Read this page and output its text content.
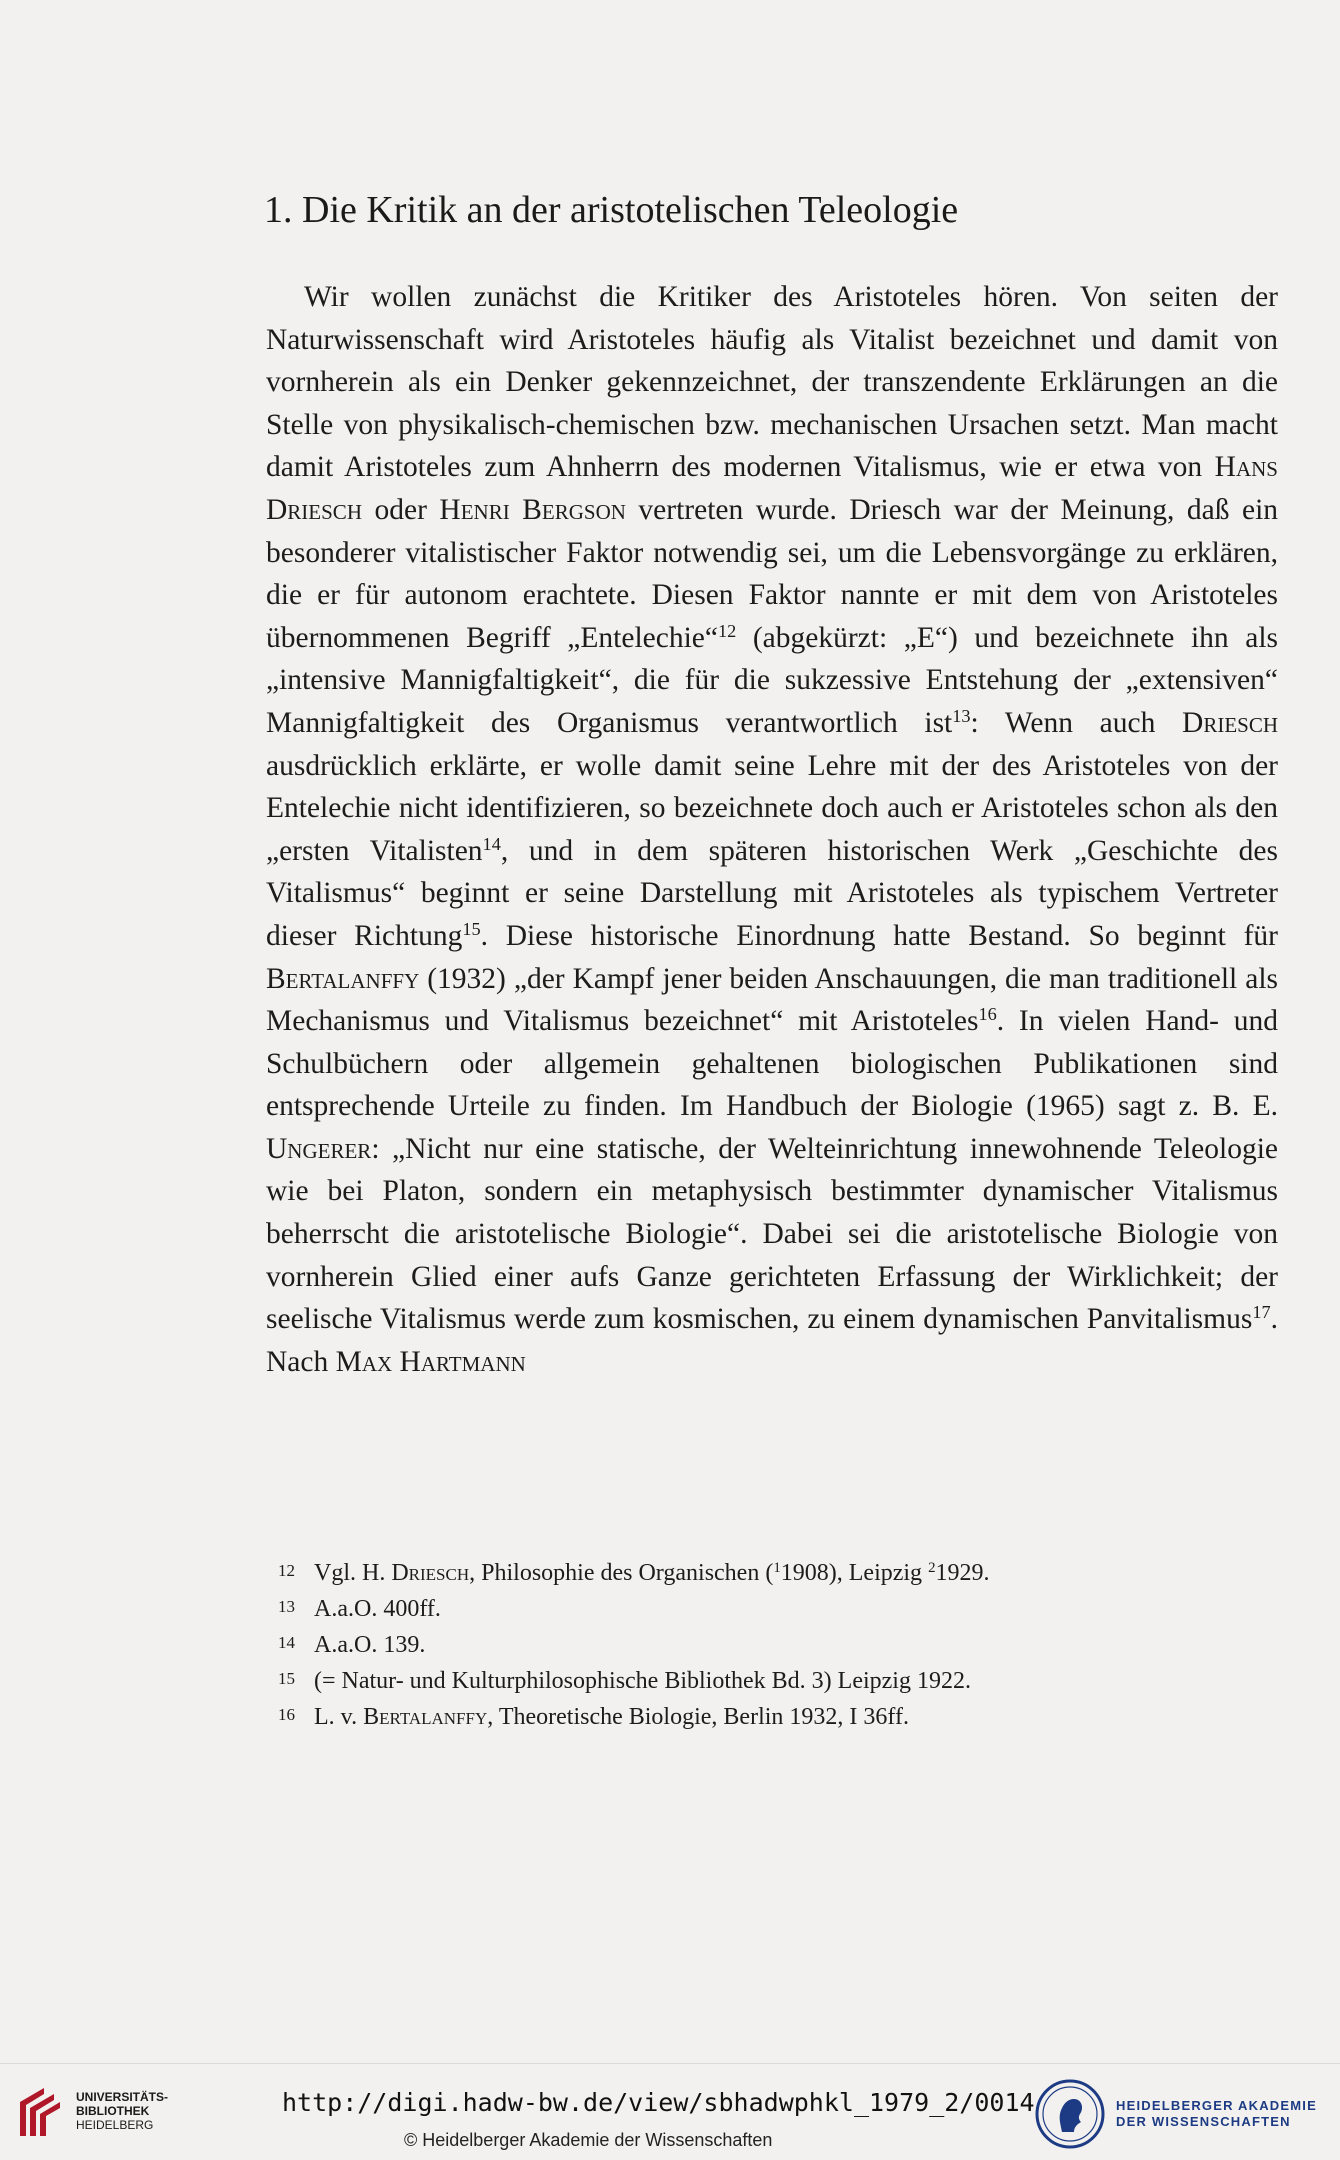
1. Die Kritik an der aristotelischen Teleologie

Wir wollen zunächst die Kritiker des Aristoteles hören. Von seiten der Naturwissenschaft wird Aristoteles häufig als Vitalist bezeichnet und damit von vornherein als ein Denker gekennzeichnet, der transzendente Erklärungen an die Stelle von physikalisch-chemischen bzw. mechanischen Ursachen setzt. Man macht damit Aristoteles zum Ahnherrn des modernen Vitalismus, wie er etwa von Hans Driesch oder Henri Bergson vertreten wurde. Driesch war der Meinung, daß ein besonderer vitalistischer Faktor notwendig sei, um die Lebensvorgänge zu erklären, die er für autonom erachtete. Diesen Faktor nannte er mit dem von Aristoteles übernommenen Begriff „Entelechie“$^{12}$ (abgekürzt: „E“) und bezeichnete ihn als „intensive Mannigfaltigkeit“, die für die sukzessive Entstehung der „extensiven“ Mannigfaltigkeit des Organismus verantwortlich ist$^{13}$: Wenn auch Driesch ausdrücklich erklärte, er wolle damit seine Lehre mit der des Aristoteles von der Entelechie nicht identifizieren, so bezeichnete doch auch er Aristoteles schon als den „ersten Vitalisten$^{14}$, und in dem späteren historischen Werk „Geschichte des Vitalismus“ beginnt er seine Darstellung mit Aristoteles als typischem Vertreter dieser Richtung$^{15}$. Diese historische Einordnung hatte Bestand. So beginnt für Bertalanffy (1932) „der Kampf jener beiden Anschauungen, die man traditionell als Mechanismus und Vitalismus bezeichnet“ mit Aristoteles$^{16}$. In vielen Hand- und Schulbüchern oder allgemein gehaltenen biologischen Publikationen sind entsprechende Urteile zu finden. Im Handbuch der Biologie (1965) sagt z. B. E. Ungerer: „Nicht nur eine statische, der Welteinrichtung innewohnende Teleologie wie bei Platon, sondern ein metaphysisch bestimmter dynamischer Vitalismus beherrscht die aristotelische Biologie“. Dabei sei die aristotelische Biologie von vornherein Glied einer aufs Ganze gerichteten Erfassung der Wirklichkeit; der seelische Vitalismus werde zum kosmischen, zu einem dynamischen Panvitalismus$^{17}$. Nach Max Hartmann

12 Vgl. H. Driesch, Philosophie des Organischen ($^1$1908), Leipzig $^2$1929.
13 A.a.O. 400ff.
14 A.a.O. 139.
15 (= Natur- und Kulturphilosophische Bibliothek Bd. 3) Leipzig 1922.
16 L. v. Bertalanffy, Theoretische Biologie, Berlin 1932, I 36ff.
UNIVERSITÄTS-
BIBLIOTHEK
HEIDELBERG
http://digi.hadw-bw.de/view/sbhadwphkl_1979_2/0014
© Heidelberger Akademie der Wissenschaften
HEIDELBERGER AKADEMIE
DER WISSENSCHAFTEN
